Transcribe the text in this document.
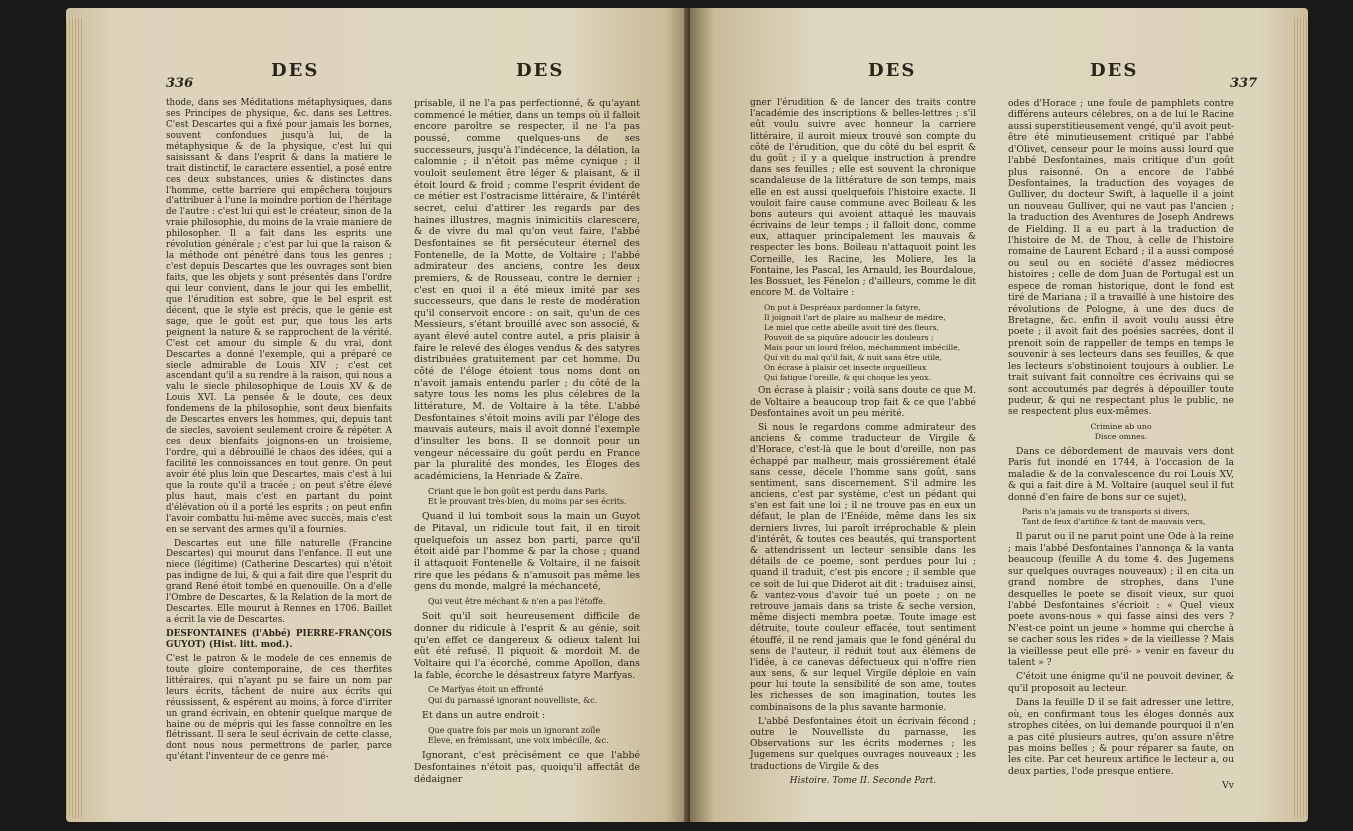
336
DES	DES

thode, dans ses Méditations métaphysiques, dans ses Principes de physique, &c. dans ses Lettres. C'est Descartes qui a fixé pour jamais les bornes, souvent confondues jusqu'à lui, de la métaphysique & de la physique, c'est lui qui saisissant & dans l'esprit & dans la matiere le trait distinctif, le caractere essentiel, a posé entre ces deux substances, unies & distinctes dans l'homme, cette barriere qui empêchera toujours d'attribuer à l'une la moindre portion de l'héritage de l'autre : c'est lui qui est le créateur, sinon de la vraie philosophie, du moins de la vraie maniere de philosopher. Il a fait dans les esprits une révolution générale ; c'est par lui que la raison & la méthode ont pénétré dans tous les genres ; c'est depuis Descartes que les ouvrages sont bien faits, que les objets y sont présentés dans l'ordre qui leur convient, dans le jour qui les embellit, que l'érudition est sobre, que le bel esprit est décent, que le style est précis, que le génie est sage, que le goût est pur, que tous les arts peignent la nature & se rapprochent de la vérité. C'est cet amour du simple & du vrai, dont Descartes a donné l'exemple, qui a préparé ce siecle admirable de Louis XIV ; c'est cet ascendant qu'il a su rendre à la raison, qui nous a valu le siecle philosophique de Louis XV & de Louis XVI. La pensée & le doute, ces deux fondemens de la philosophie, sont deux bienfaits de Descartes envers les hommes, qui, depuis tant de siecles, savoient seulement croire & répéter. A ces deux bienfaits joignons-en un troisieme, l'ordre, qui a débrouillé le chaos des idées, qui a facilité les connoissances en tout genre. On peut avoir été plus loin que Descartes, mais c'est à lui que la route qu'il a tracée ; on peut s'être élevé plus haut, mais c'est en partant du point d'élévation où il a porté les esprits ; on peut enfin l'avoir combattu lui-même avec succès, mais c'est en se servant des armes qu'il a fournies.

Descartes eut une fille naturelle (Francine Descartes) qui mourut dans l'enfance. Il eut une niece (légitime) (Catherine Descartes) qui n'étoit pas indigne de lui, & qui a fait dire que l'esprit du grand René étoit tombé en quenouille. On a d'elle l'Ombre de Descartes, & la Relation de la mort de Descartes. Elle mourut à Rennes en 1706. Baillet a écrit la vie de Descartes.

DESFONTAINES (l'Abbé) PIERRE-FRANÇOIS GUYOT) (Hist. litt. mod.).

C'est le patron & le modele de ces ennemis de toute gloire contemporaine, de ces therfites littéraires, qui n'ayant pu se faire un nom par leurs écrits, tâchent de nuire aux écrits qui réussissent, & espérent au moins, à force d'irriter un grand écrivain, en obtenir quelque marque de haine ou de mépris qui les fasse connoître en les flétrissant. Il sera le seul écrivain de cette classe, dont nous nous permettrons de parler, parce qu'étant l'inventeur de ce genre mé-

prisable, il ne l'a pas perfectionné, & qu'ayant commencé le métier, dans un temps où il falloit encore paroître se respecter, il ne l'a pas poussé, comme quelques-uns de ses successeurs, jusqu'à l'indécence, la délation, la calomnie ; il n'étoit pas même cynique ; il vouloit seulement être léger & plaisant, & il étoit lourd & froid ; comme l'esprit évident de ce métier est l'ostracisme littéraire, & l'intérêt secret, celui d'attirer les regards par des haines illustres, magnis inimicitiis clarescere, & de vivre du mal qu'on veut faire, l'abbé Desfontaines se fit persécuteur éternel des Fontenelle, de la Motte, de Voltaire ; l'abbé admirateur des anciens, contre les deux premiers, & de Rousseau, contre le dernier ; c'est en quoi il a été mieux imité par ses successeurs, que dans le reste de modération qu'il conservoit encore : on sait, qu'un de ces Messieurs, s'étant brouillé avec son associé, & ayant élevé autel contre autel, a pris plaisir à faire le relevé des éloges vendus & des satyres distribuées gratuitement par cet homme. Du côté de l'éloge étoient tous noms dont on n'avoit jamais entendu parler ; du côté de la satyre tous les noms les plus célebres de la littérature, M. de Voltaire à la tête. L'abbé Desfontaines s'étoit moins avili par l'éloge des mauvais auteurs, mais il avoit donné l'exemple d'insulter les bons. Il se donnoit pour un vengeur nécessaire du goût perdu en France par la pluralité des mondes, les Éloges des académiciens, la Henriade & Zaïre.

Criant que le bon goût est perdu dans Paris,
Et le prouvant très-bien, du moins par ses écrits.

Quand il lui tomboit sous la main un Guyot de Pitaval, un ridicule tout fait, il en tiroit quelquefois un assez bon parti, parce qu'il étoit aidé par l'homme & par la chose ; quand il attaquoit Fontenelle & Voltaire, il ne faisoit rire que les pédans & n'amusoit pas même les gens du monde, malgré la méchanceté,

Qui veut être méchant & n'en a pas l'étoffe.

Soit qu'il soit heureusement difficile de donner du ridicule à l'esprit & au génie, soit qu'en effet ce dangereux & odieux talent lui eût été refusé. Il piquoit & mordoit M. de Voltaire qui l'a écorché, comme Apollon, dans la fable, écorche le désastreux fatyre Marfyas.

Ce Marfyas étoit un effronté
Qui du parnassé ignorant nouvelliste, &c.

Et dans un autre endroit :

Que quatre fois par mois un ignorant zoïle
Éleve, en frémissant, une voix imbécille, &c.

Ignorant, c'est précisément ce que l'abbé Desfontaines n'étoit pas, quoiqu'il affectât de dédaigner

DES	DES
337

gner l'érudition & de lancer des traits contre l'académie des inscriptions & belles-lettres ; s'il eût voulu suivre avec honneur la carriere littéraire, il auroit mieux trouvé son compte du côté de l'érudition, que du côté du bel esprit & du goût ; il y a quelque instruction à prendre dans ses feuilles ; elle est souvent la chronique scandaleuse de la littérature de son temps, mais elle en est aussi quelquefois l'histoire exacte. Il vouloit faire cause commune avec Boileau & les bons auteurs qui avoient attaqué les mauvais écrivains de leur temps ; il falloit donc, comme eux, attaquer principalement les mauvais & respecter les bons. Boileau n'attaquoit point les Corneille, les Racine, les Moliere, les la Fontaine, les Pascal, les Arnauld, les Bourdaloue, les Bossuet, les Fénelon ; d'ailleurs, comme le dit encore M. de Voltaire :

On put à Despréaux pardonner la fatyre,
Il joignoit l'art de plaire au malheur de médire,
Le miel que cette abeille avoit tiré des fleurs,
Pouvoit de sa piquûre adoucir les douleurs ;
Mais pour un lourd frélon, méchamment imbécille,
Qui vit du mal qu'il fait, & nuit sans être utile,
On écrase à plaisir cet insecte orgueilleux
Qui fatigue l'oreille, & qui choque les yeux.

On écrase à plaisir ; voilà sans doute ce que M. de Voltaire a beaucoup trop fait & ce que l'abbé Desfontaines avoit un peu mérité.

Si nous le regardons comme admirateur des anciens & comme traducteur de Virgile & d'Horace, c'est-là que le bout d'oreille, non pas échappé par malheur, mais grossiérement étalé sans cesse, décele l'homme sans goût, sans sentiment, sans discernement. S'il admire les anciens, c'est par système, c'est un pédant qui s'en est fait une loi ; il ne trouve pas en eux un défaut, le plan de l'Enéide, même dans les six derniers livres, lui paroît irréprochable & plein d'intérêt, & toutes ces beautés, qui transportent & attendrissent un lecteur sensible dans les détails de ce poeme, sont perdues pour lui ; quand il traduit, c'est pis encore ; il semble que ce soit de lui que Diderot ait dit : traduisez ainsi, & vantez-vous d'avoir tué un poete ; on ne retrouve jamais dans sa triste & seche version, même disjecti membra poetæ. Toute image est détruite, toute couleur effacée, tout sentiment étouffé, il ne rend jamais que le fond général du sens de l'auteur, il réduit tout aux élémens de l'idée, à ce canevas défectueux qui n'offre rien aux sens, & sur lequel Virgile déploie en vain pour lui toute la sensibilité de son ame, toutes les richesses de son imagination, toutes les combinaisons de la plus savante harmonie.

L'abbé Desfontaines étoit un écrivain fécond ; outre le Nouvelliste du parnasse, les Observations sur les écrits modernes ; les Jugemens sur quelques ouvrages nouveaux ; les traductions de Virgile & des

Histoire. Tome II. Seconde Part.

odes d'Horace ; une foule de pamphlets contre différens auteurs célebres, on a de lui le Racine aussi superstitieusement vengé, qu'il avoit peut-être été minutieusement critiqué par l'abbé d'Olivet, censeur pour le moins aussi lourd que l'abbé Desfontaines, mais critique d'un goût plus raisonné. On a encore de l'abbé Desfontaines, la traduction des voyages de Gulliver, du docteur Swift, à laquelle il a joint un nouveau Gulliver, qui ne vaut pas l'ancien ; la traduction des Aventures de Joseph Andrews de Fielding. Il a eu part à la traduction de l'histoire de M. de Thou, à celle de l'histoire romaine de Laurent Echard ; il a aussi composé ou seul ou en société d'assez médiocres histoires ; celle de dom Juan de Portugal est un espece de roman historique, dont le fond est tiré de Mariana ; il a travaillé à une histoire des révolutions de Pologne, à une des ducs de Bretagne, &c. enfin il avoit voulu aussi être poete ; il avoit fait des poésies sacrées, dont il prenoit soin de rappeller de temps en temps le souvenir à ses lecteurs dans ses feuilles, & que les lecteurs s'obstinoient toujours à oublier. Le trait suivant fait connoître ces écrivains qui se sont accoutumés par degrés à dépouiller toute pudeur, & qui ne respectant plus le public, ne se respectent plus eux-mêmes.

Crimine ab uno
Disce omnes.

Dans ce débordement de mauvais vers dont Paris fut inondé en 1744, à l'occasion de la maladie & de la convalescence du roi Louis XV, & qui a fait dire à M. Voltaire (auquel seul il fut donné d'en faire de bons sur ce sujet),

Paris n'a jamais vu de transports si divers,
Tant de feux d'artifice & tant de mauvais vers,

Il parut ou il ne parut point une Ode à la reine ; mais l'abbé Desfontaines l'annonça & la vanta beaucoup (feuille A du tome 4. des Jugemens sur quelques ouvrages nouveaux) ; il en cita un grand nombre de strophes, dans l'une desquelles le poete se disoit vieux, sur quoi l'abbé Desfontaines s'écrioit : « Quel vieux poete avons-nous » qui fasse ainsi des vers ? N'est-ce point un jeune » homme qui cherche à se cacher sous les rides » de la vieillesse ? Mais la vieillesse peut elle pré- » venir en faveur du talent » ?

C'étoit une énigme qu'il ne pouvoit deviner, & qu'il proposoit au lecteur.

Dans la feuille D il se fait adresser une lettre, où, en confirmant tous les éloges donnés aux strophes citées, on lui demande pourquoi il n'en a pas cité plusieurs autres, qu'on assure n'être pas moins belles ; & pour réparer sa faute, on les cite. Par cet heureux artifice le lecteur a, ou deux parties, l'ode presque entiere.

Vv
